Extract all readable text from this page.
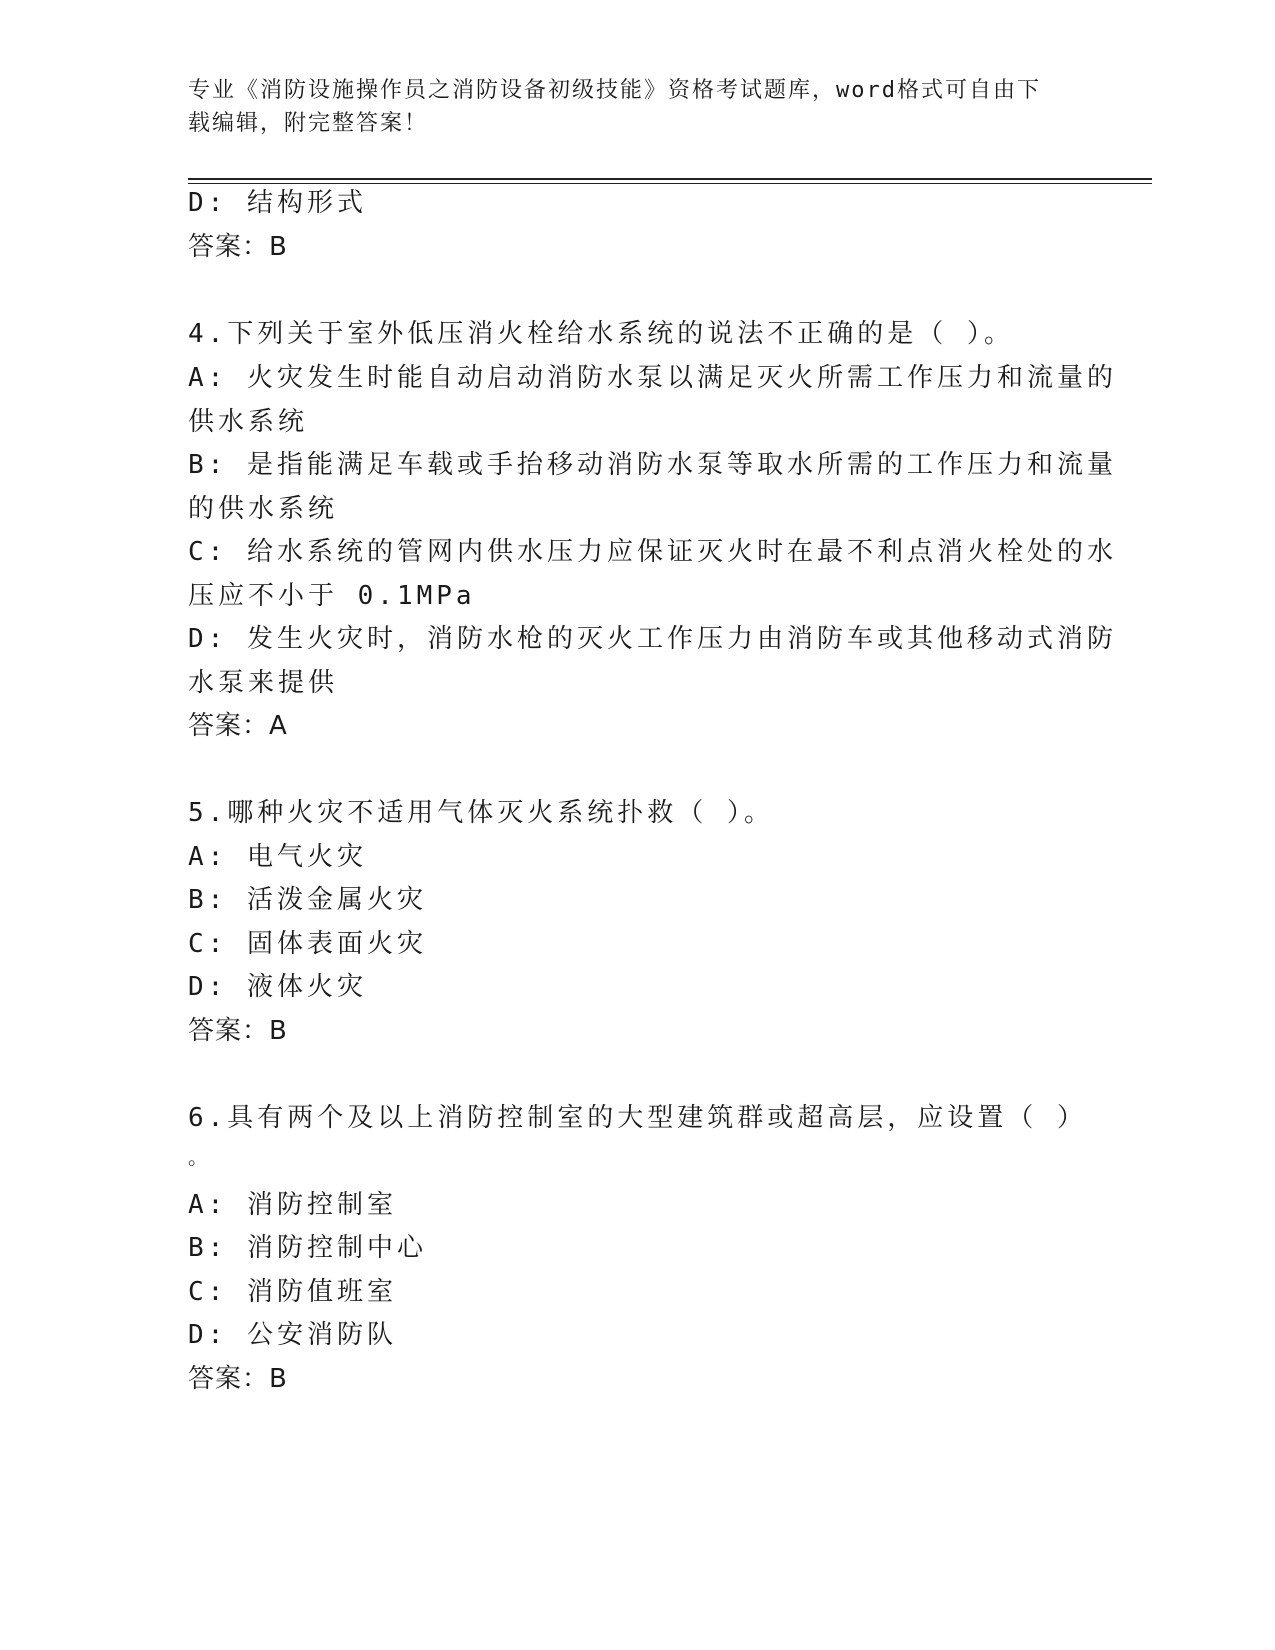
专业《消防设施操作员之消防设备初级技能》资格考试题库，word格式可自由下
载编辑，附完整答案！
D: 结构形式
答案：B
4.下列关于室外低压消火栓给水系统的说法不正确的是（ ）。
A: 火灾发生时能自动启动消防水泵以满足灭火所需工作压力和流量的
供水系统
B: 是指能满足车载或手抬移动消防水泵等取水所需的工作压力和流量
的供水系统
C: 给水系统的管网内供水压力应保证灭火时在最不利点消火栓处的水
压应不小于 0.1MPa
D: 发生火灾时，消防水枪的灭火工作压力由消防车或其他移动式消防
水泵来提供
答案：A
5.哪种火灾不适用气体灭火系统扑救（ ）。
A: 电气火灾
B: 活泼金属火灾
C: 固体表面火灾
D: 液体火灾
答案：B
6.具有两个及以上消防控制室的大型建筑群或超高层，应设置（ ）
。
A: 消防控制室
B: 消防控制中心
C: 消防值班室
D: 公安消防队
答案：B
